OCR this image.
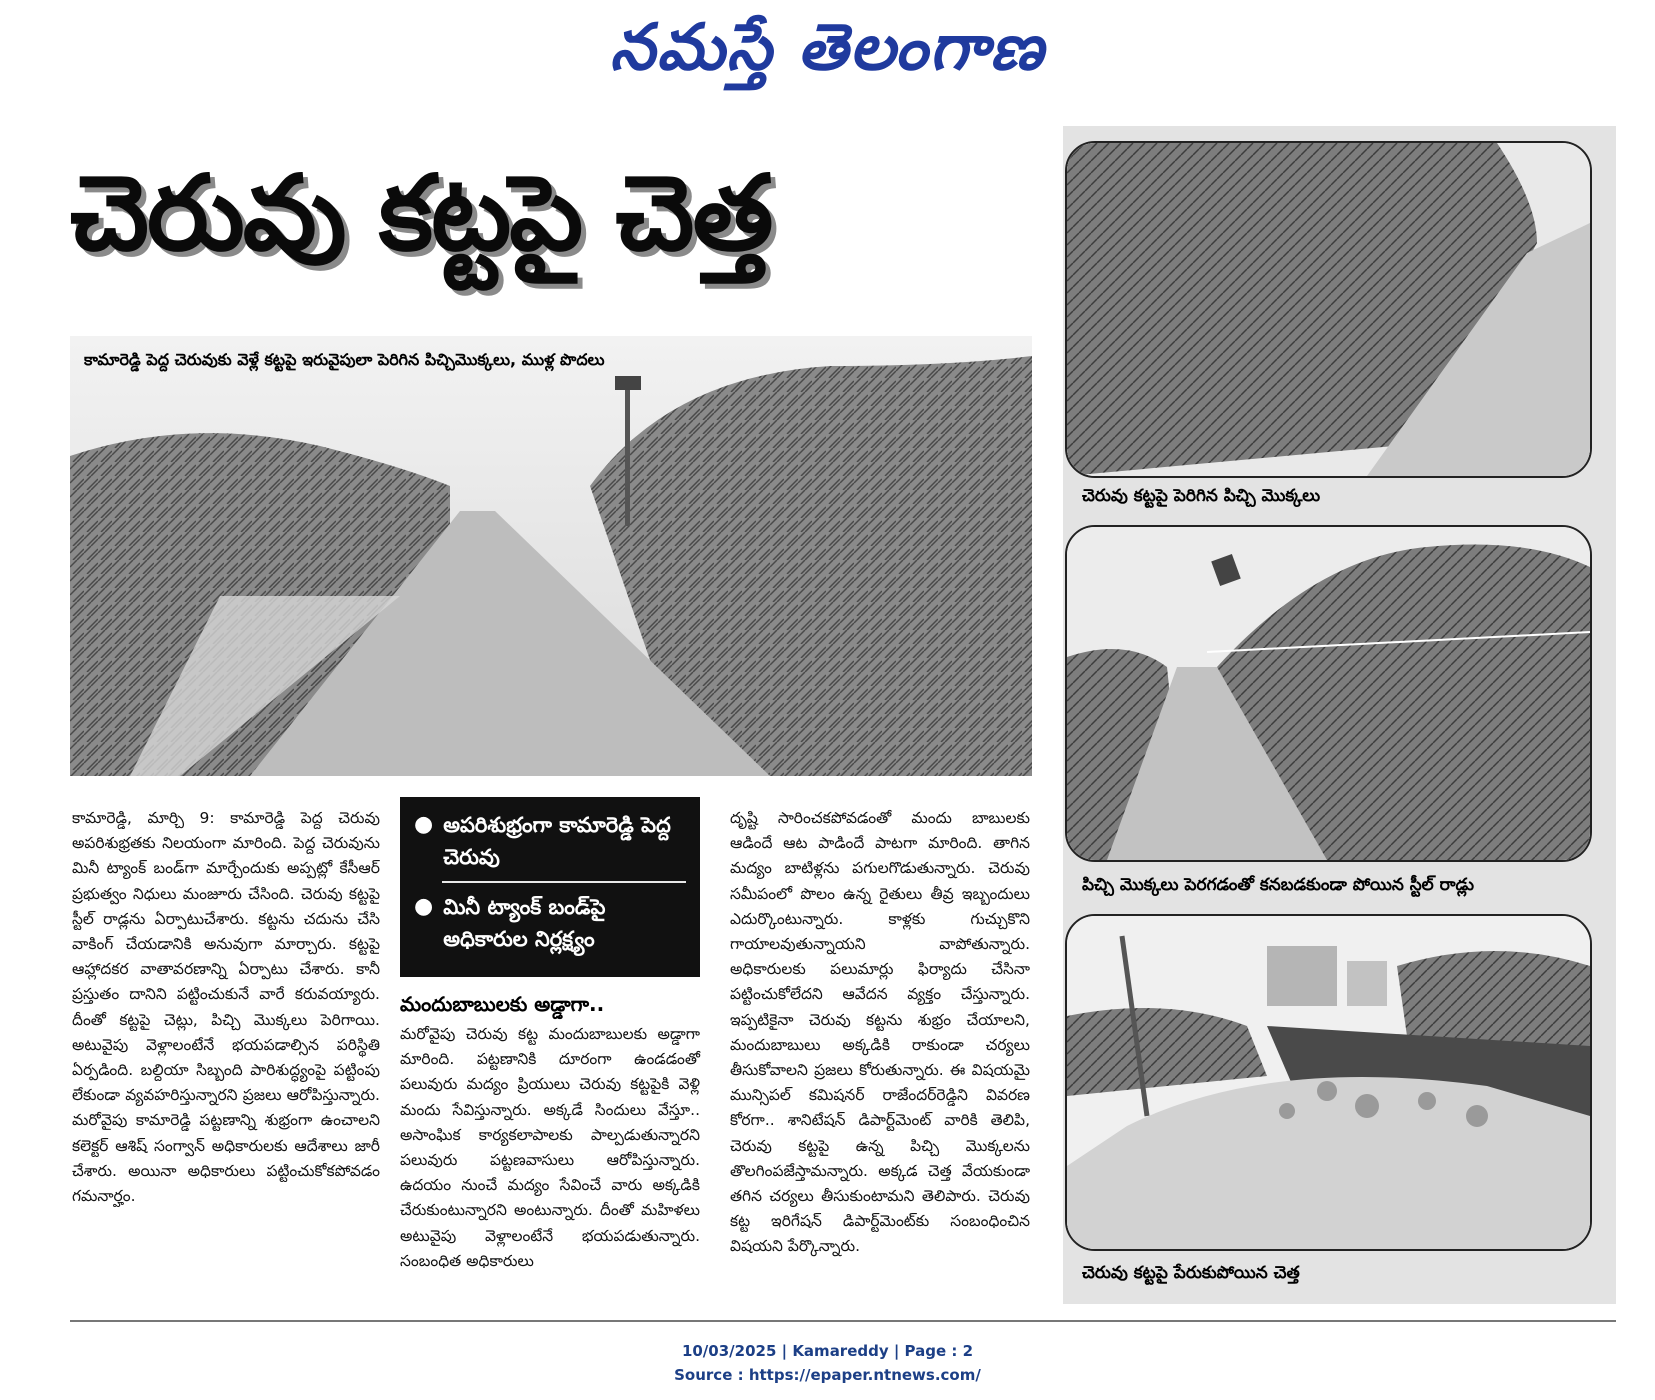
నమస్తే తెలంగాణ
చెరువు కట్టపై చెత్త
కామారెడ్డి పెద్ద చెరువుకు వెళ్లే కట్టపై ఇరువైపులా పెరిగిన పిచ్చిమొక్కలు, ముళ్ల పొదలు
చెరువు కట్టపై పెరిగిన పిచ్చి మొక్కలు
పిచ్చి మొక్కలు పెరగడంతో కనబడకుండా పోయిన స్టీల్ రాడ్లు
చెరువు కట్టపై పేరుకుపోయిన చెత్త

కామారెడ్డి, మార్చి 9: కామారెడ్డి పెద్ద చెరువు అపరిశుభ్రతకు నిలయంగా మారింది. పెద్ద చెరువును మినీ ట్యాంక్ బండ్‌గా మార్చేందుకు అప్పట్లో కేసీఆర్ ప్రభుత్వం నిధులు మంజూరు చేసింది. చెరువు కట్టపై స్టీల్ రాడ్లను ఏర్పాటుచేశారు. కట్టను చదును చేసి వాకింగ్ చేయడానికి అనువుగా మార్చారు. కట్టపై ఆహ్లాదకర వాతావరణాన్ని ఏర్పాటు చేశారు. కానీ ప్రస్తుతం దానిని పట్టించుకునే వారే కరువయ్యారు. దీంతో కట్టపై చెట్లు, పిచ్చి మొక్కలు పెరిగాయి. అటువైపు వెళ్లాలంటేనే భయపడాల్సిన పరిస్థితి ఏర్పడింది. బల్దియా సిబ్బంది పారిశుద్ధ్యంపై పట్టింపు లేకుండా వ్యవహరిస్తున్నారని ప్రజలు ఆరోపిస్తున్నారు. మరోవైపు కామారెడ్డి పట్టణాన్ని శుభ్రంగా ఉంచాలని కలెక్టర్ ఆశిష్ సంగ్వాన్ అధికారులకు ఆదేశాలు జారీ చేశారు. అయినా అధికారులు పట్టించుకోకపోవడం గమనార్హం.

● అపరిశుభ్రంగా కామారెడ్డి పెద్ద చెరువు
● మినీ ట్యాంక్ బండ్‌పై అధికారుల నిర్లక్ష్యం
మందుబాబులకు అడ్డాగా..

మరోవైపు చెరువు కట్ట మందుబాబులకు అడ్డాగా మారింది. పట్టణానికి దూరంగా ఉండడంతో పలువురు మద్యం ప్రియులు చెరువు కట్టపైకి వెళ్లి మందు సేవిస్తున్నారు. అక్కడే సిందులు వేస్తూ.. అసాంఘిక కార్యకలాపాలకు పాల్పడుతున్నారని పలువురు పట్టణవాసులు ఆరోపిస్తున్నారు. ఉదయం నుంచే మద్యం సేవించే వారు అక్కడికి చేరుకుంటున్నారని అంటున్నారు. దీంతో మహిళలు అటువైపు వెళ్లాలంటేనే భయపడుతున్నారు. సంబంధిత అధికారులు

దృష్టి సారించకపోవడంతో మందు బాబులకు ఆడిందే ఆట పాడిందే పాటగా మారింది. తాగిన మద్యం బాటిళ్లను పగులగొడుతున్నారు. చెరువు సమీపంలో పొలం ఉన్న రైతులు తీవ్ర ఇబ్బందులు ఎదుర్కొంటున్నారు. కాళ్లకు గుచ్చుకొని గాయాలవుతున్నాయని వాపోతున్నారు. అధికారులకు పలుమార్లు ఫిర్యాదు చేసినా పట్టించుకోలేదని ఆవేదన వ్యక్తం చేస్తున్నారు. ఇప్పటికైనా చెరువు కట్టను శుభ్రం చేయాలని, మందుబాబులు అక్కడికి రాకుండా చర్యలు తీసుకోవాలని ప్రజలు కోరుతున్నారు. ఈ విషయమై మున్సిపల్ కమిషనర్ రాజేందర్‌రెడ్డిని వివరణ కోరగా.. శానిటేషన్ డిపార్ట్‌మెంట్ వారికి తెలిపి, చెరువు కట్టపై ఉన్న పిచ్చి మొక్కలను తొలగింపజేస్తామన్నారు. అక్కడ చెత్త వేయకుండా తగిన చర్యలు తీసుకుంటామని తెలిపారు. చెరువు కట్ట ఇరిగేషన్ డిపార్ట్‌మెంట్‌కు సంబంధించిన విషయని పేర్కొన్నారు.

10/03/2025 | Kamareddy | Page : 2
Source : https://epaper.ntnews.com/
